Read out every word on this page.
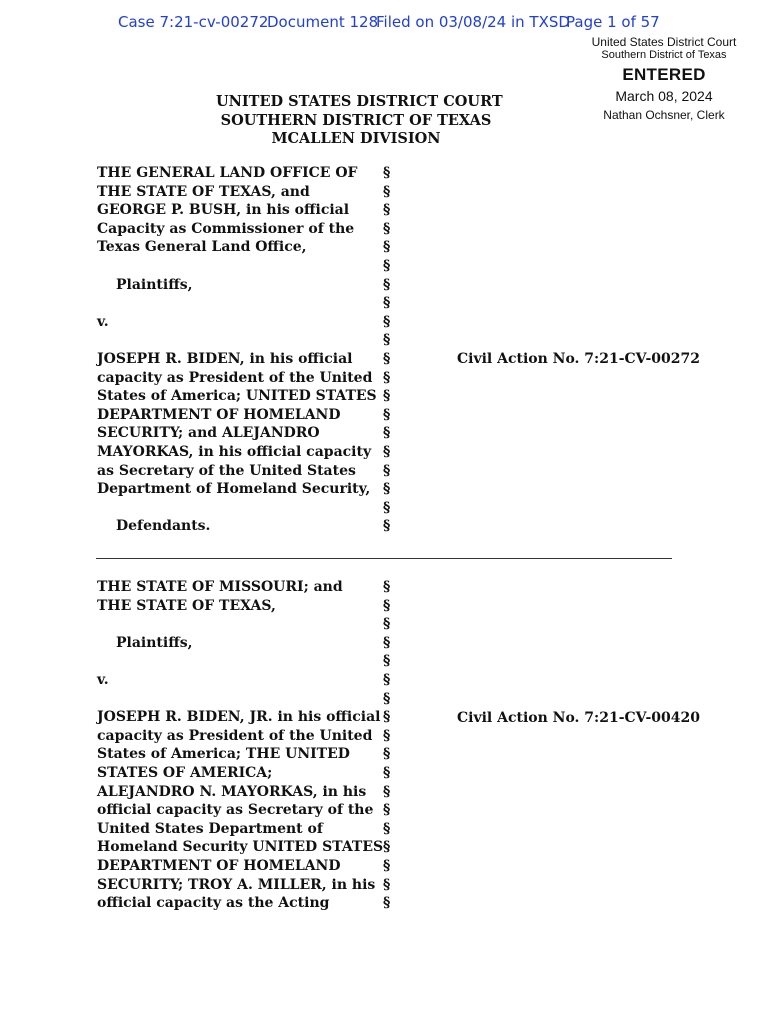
Case 7:21-cv-00272

Document 128

Filed on 03/08/24 in TXSD

Page 1 of 57

United States District Court
Southern District of Texas
ENTERED
March 08, 2024
Nathan Ochsner, Clerk
UNITED STATES DISTRICT COURT
SOUTHERN DISTRICT OF TEXAS
MCALLEN DIVISION
THE GENERAL LAND OFFICE OF
THE STATE OF TEXAS, and
GEORGE P. BUSH, in his official
Capacity as Commissioner of the
Texas General Land Office,
Plaintiffs,
v.
JOSEPH R. BIDEN, in his official
capacity as President of the United
States of America; UNITED STATES
DEPARTMENT OF HOMELAND
SECURITY; and ALEJANDRO
MAYORKAS, in his official capacity
as Secretary of the United States
Department of Homeland Security,
Defendants.
§
§
§
§
§
§
§
§
§
§
§
§
§
§
§
§
§
§
§
§
Civil Action No. 7:21-CV-00272
THE STATE OF MISSOURI; and
THE STATE OF TEXAS,
Plaintiffs,
v.
JOSEPH R. BIDEN, JR. in his official
capacity as President of the United
States of America; THE UNITED
STATES OF AMERICA;
ALEJANDRO N. MAYORKAS, in his
official capacity as Secretary of the
United States Department of
Homeland Security UNITED STATES
DEPARTMENT OF HOMELAND
SECURITY; TROY A. MILLER, in his
official capacity as the Acting
§
§
§
§
§
§
§
§
§
§
§
§
§
§
§
§
§
§
Civil Action No. 7:21-CV-00420
